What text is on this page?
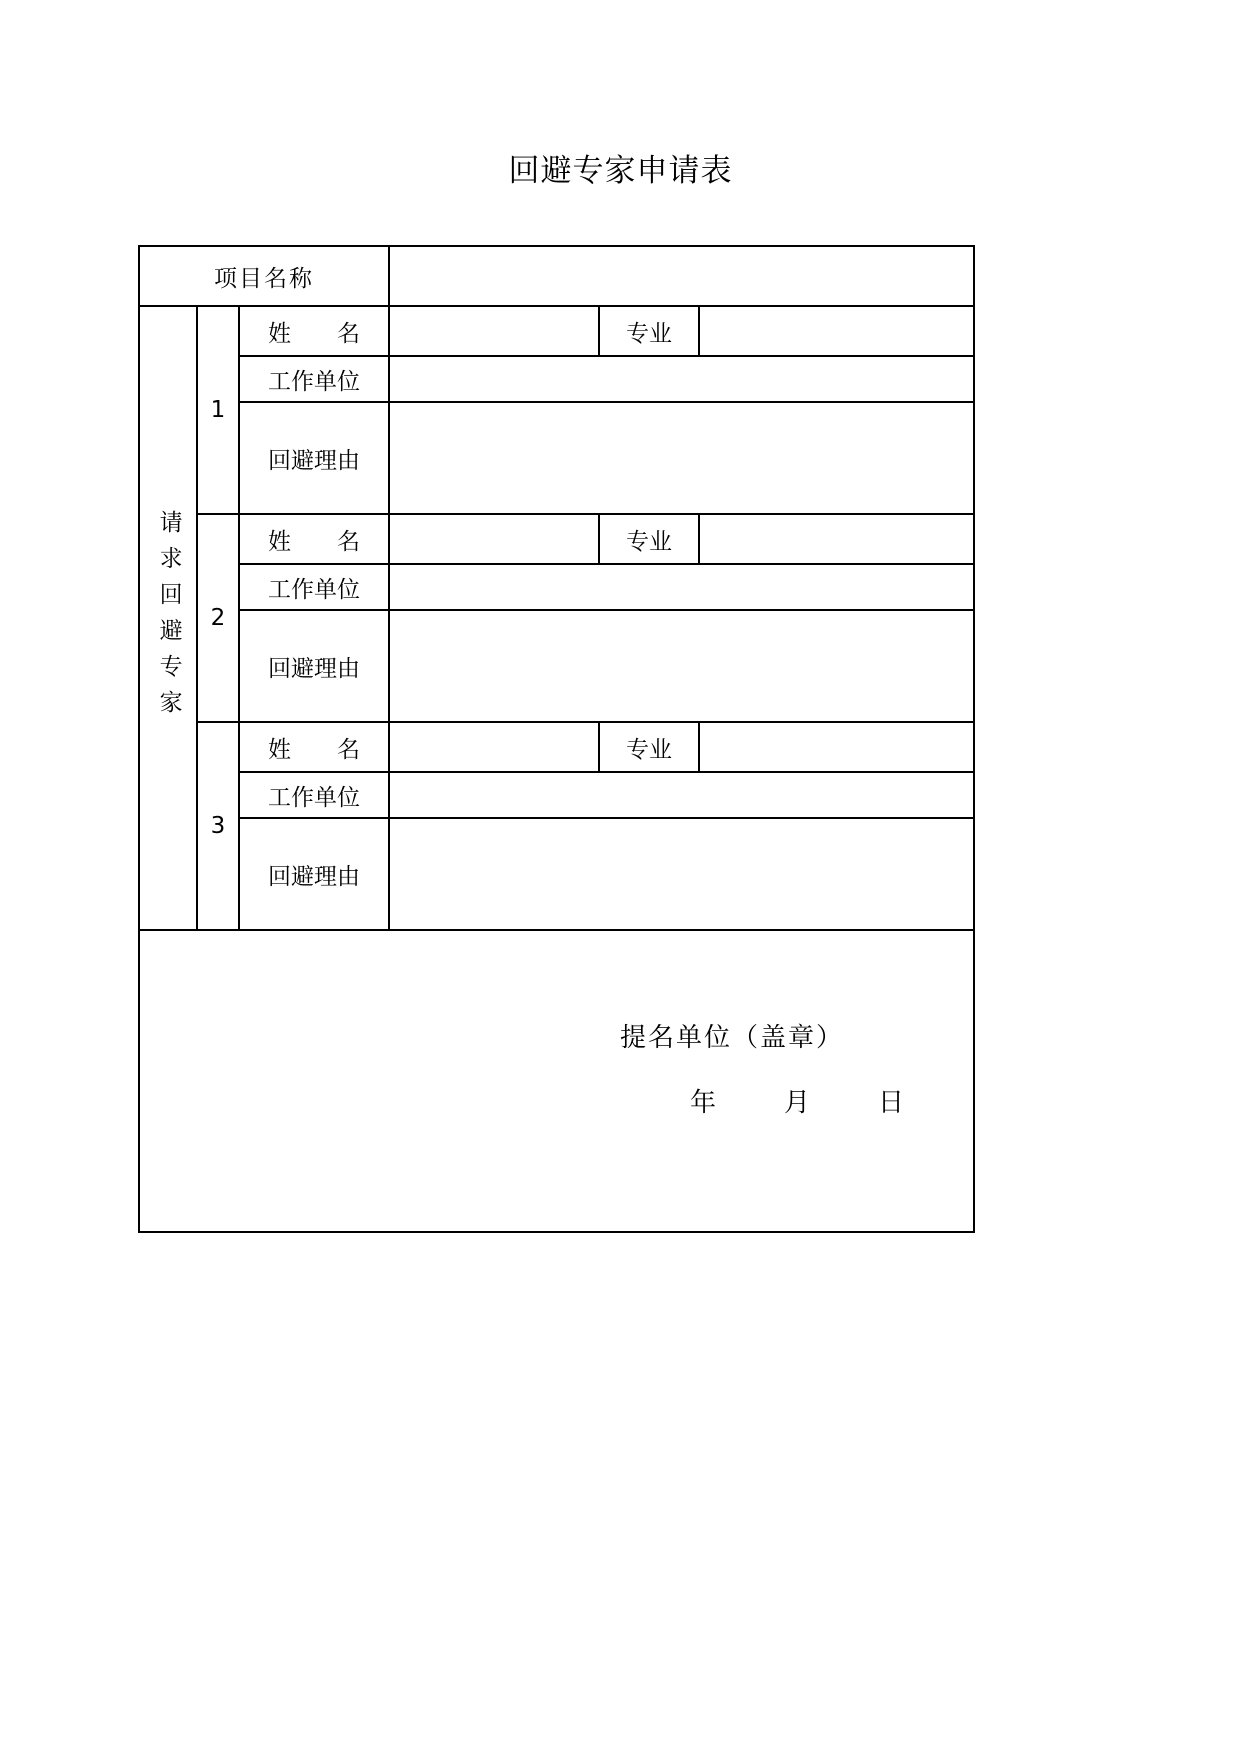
回避专家申请表
项目名称					
请求回避专家	1	姓　　名		专业	
		工作单位			
		回避理由			
	2	姓　　名		专业	
		工作单位			
		回避理由			
	3	姓　　名		专业	
		工作单位			
		回避理由			

提名单位（盖章）
年 月 日					
